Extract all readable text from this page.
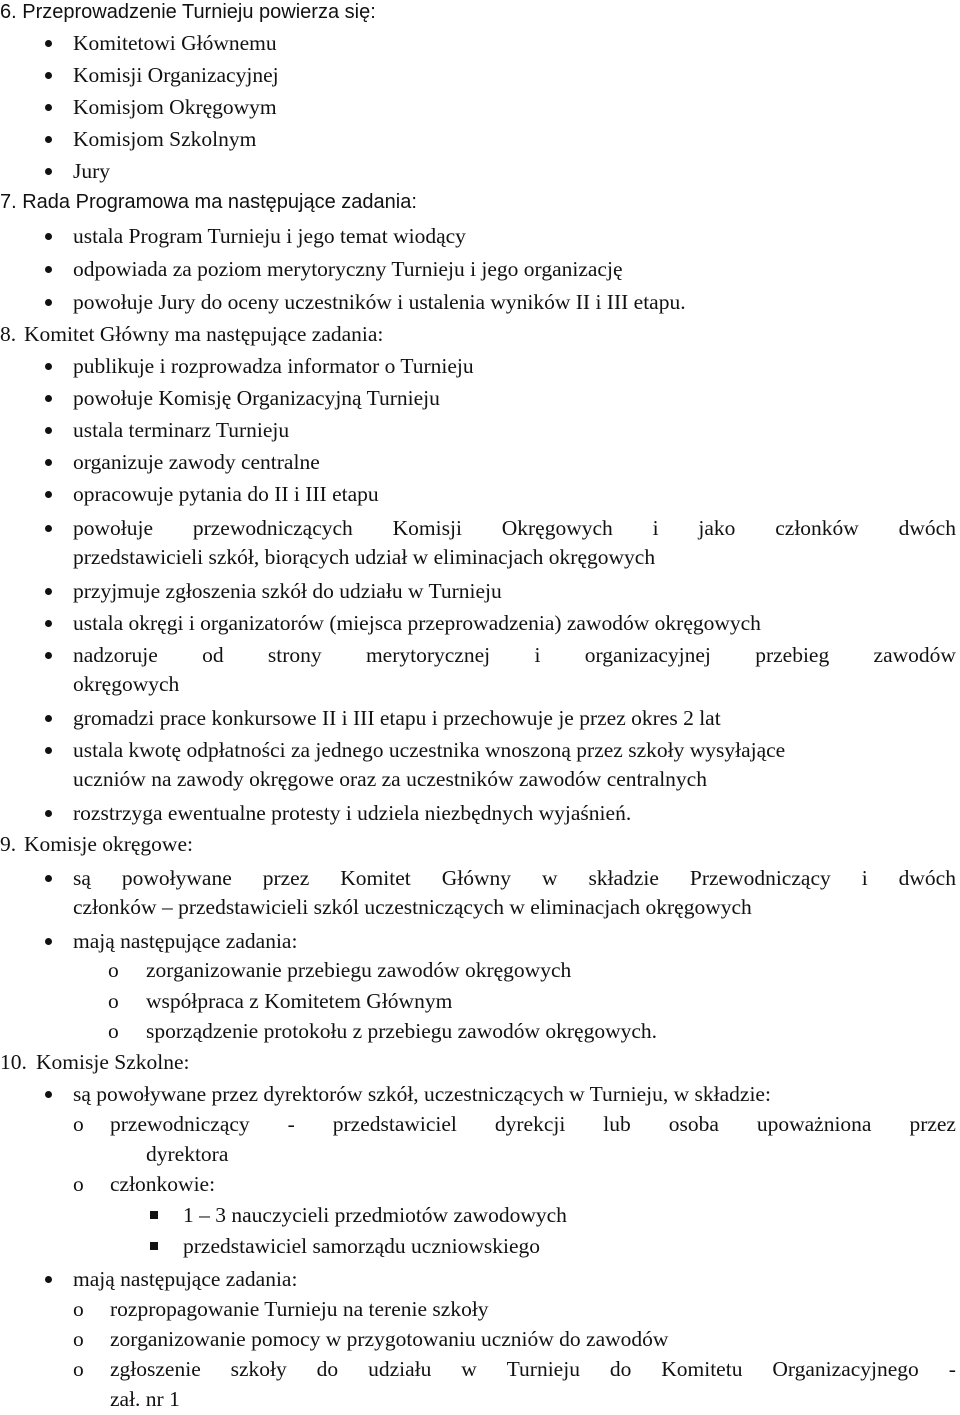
6. Przeprowadzenie Turnieju powierza się:
Komitetowi Głównemu
Komisji Organizacyjnej
Komisjom Okręgowym
Komisjom Szkolnym
Jury
7. Rada Programowa ma następujące zadania:
ustala Program Turnieju i jego temat wiodący
odpowiada za poziom merytoryczny Turnieju i jego organizację
powołuje Jury do oceny uczestników i ustalenia wyników II i III etapu.
8. Komitet Główny ma następujące zadania:
publikuje i rozprowadza informator o Turnieju
powołuje Komisję Organizacyjną Turnieju
ustala terminarz Turnieju
organizuje zawody centralne
opracowuje pytania do II i III etapu
powołuje przewodniczących Komisji Okręgowych i jako członków dwóch
przedstawicieli szkół, biorących udział w eliminacjach okręgowych
przyjmuje zgłoszenia szkół do udziału w Turnieju
ustala okręgi i organizatorów (miejsca przeprowadzenia) zawodów okręgowych
nadzoruje od strony merytorycznej i organizacyjnej przebieg zawodów
okręgowych
gromadzi prace konkursowe II i III etapu i przechowuje je przez okres 2 lat
ustala kwotę odpłatności za jednego uczestnika wnoszoną przez szkoły wysyłające
uczniów na zawody okręgowe oraz za uczestników zawodów centralnych
rozstrzyga ewentualne protesty i udziela niezbędnych wyjaśnień.
9. Komisje okręgowe:
są powoływane przez Komitet Główny w składzie Przewodniczący i dwóch
członków – przedstawicieli szkól uczestniczących w eliminacjach okręgowych
mają następujące zadania:
o zorganizowanie przebiegu zawodów okręgowych
o współpraca z Komitetem Głównym
o sporządzenie protokołu z przebiegu zawodów okręgowych.
10. Komisje Szkolne:
są powoływane przez dyrektorów szkół, uczestniczących w Turnieju, w składzie:
o przewodniczący - przedstawiciel dyrekcji lub osoba upoważniona przez
dyrektora
o członkowie:
1 – 3 nauczycieli przedmiotów zawodowych
przedstawiciel samorządu uczniowskiego
mają następujące zadania:
o rozpropagowanie Turnieju na terenie szkoły
o zorganizowanie pomocy w przygotowaniu uczniów do zawodów
o zgłoszenie szkoły do udziału w Turnieju do Komitetu Organizacyjnego -
zał. nr 1
